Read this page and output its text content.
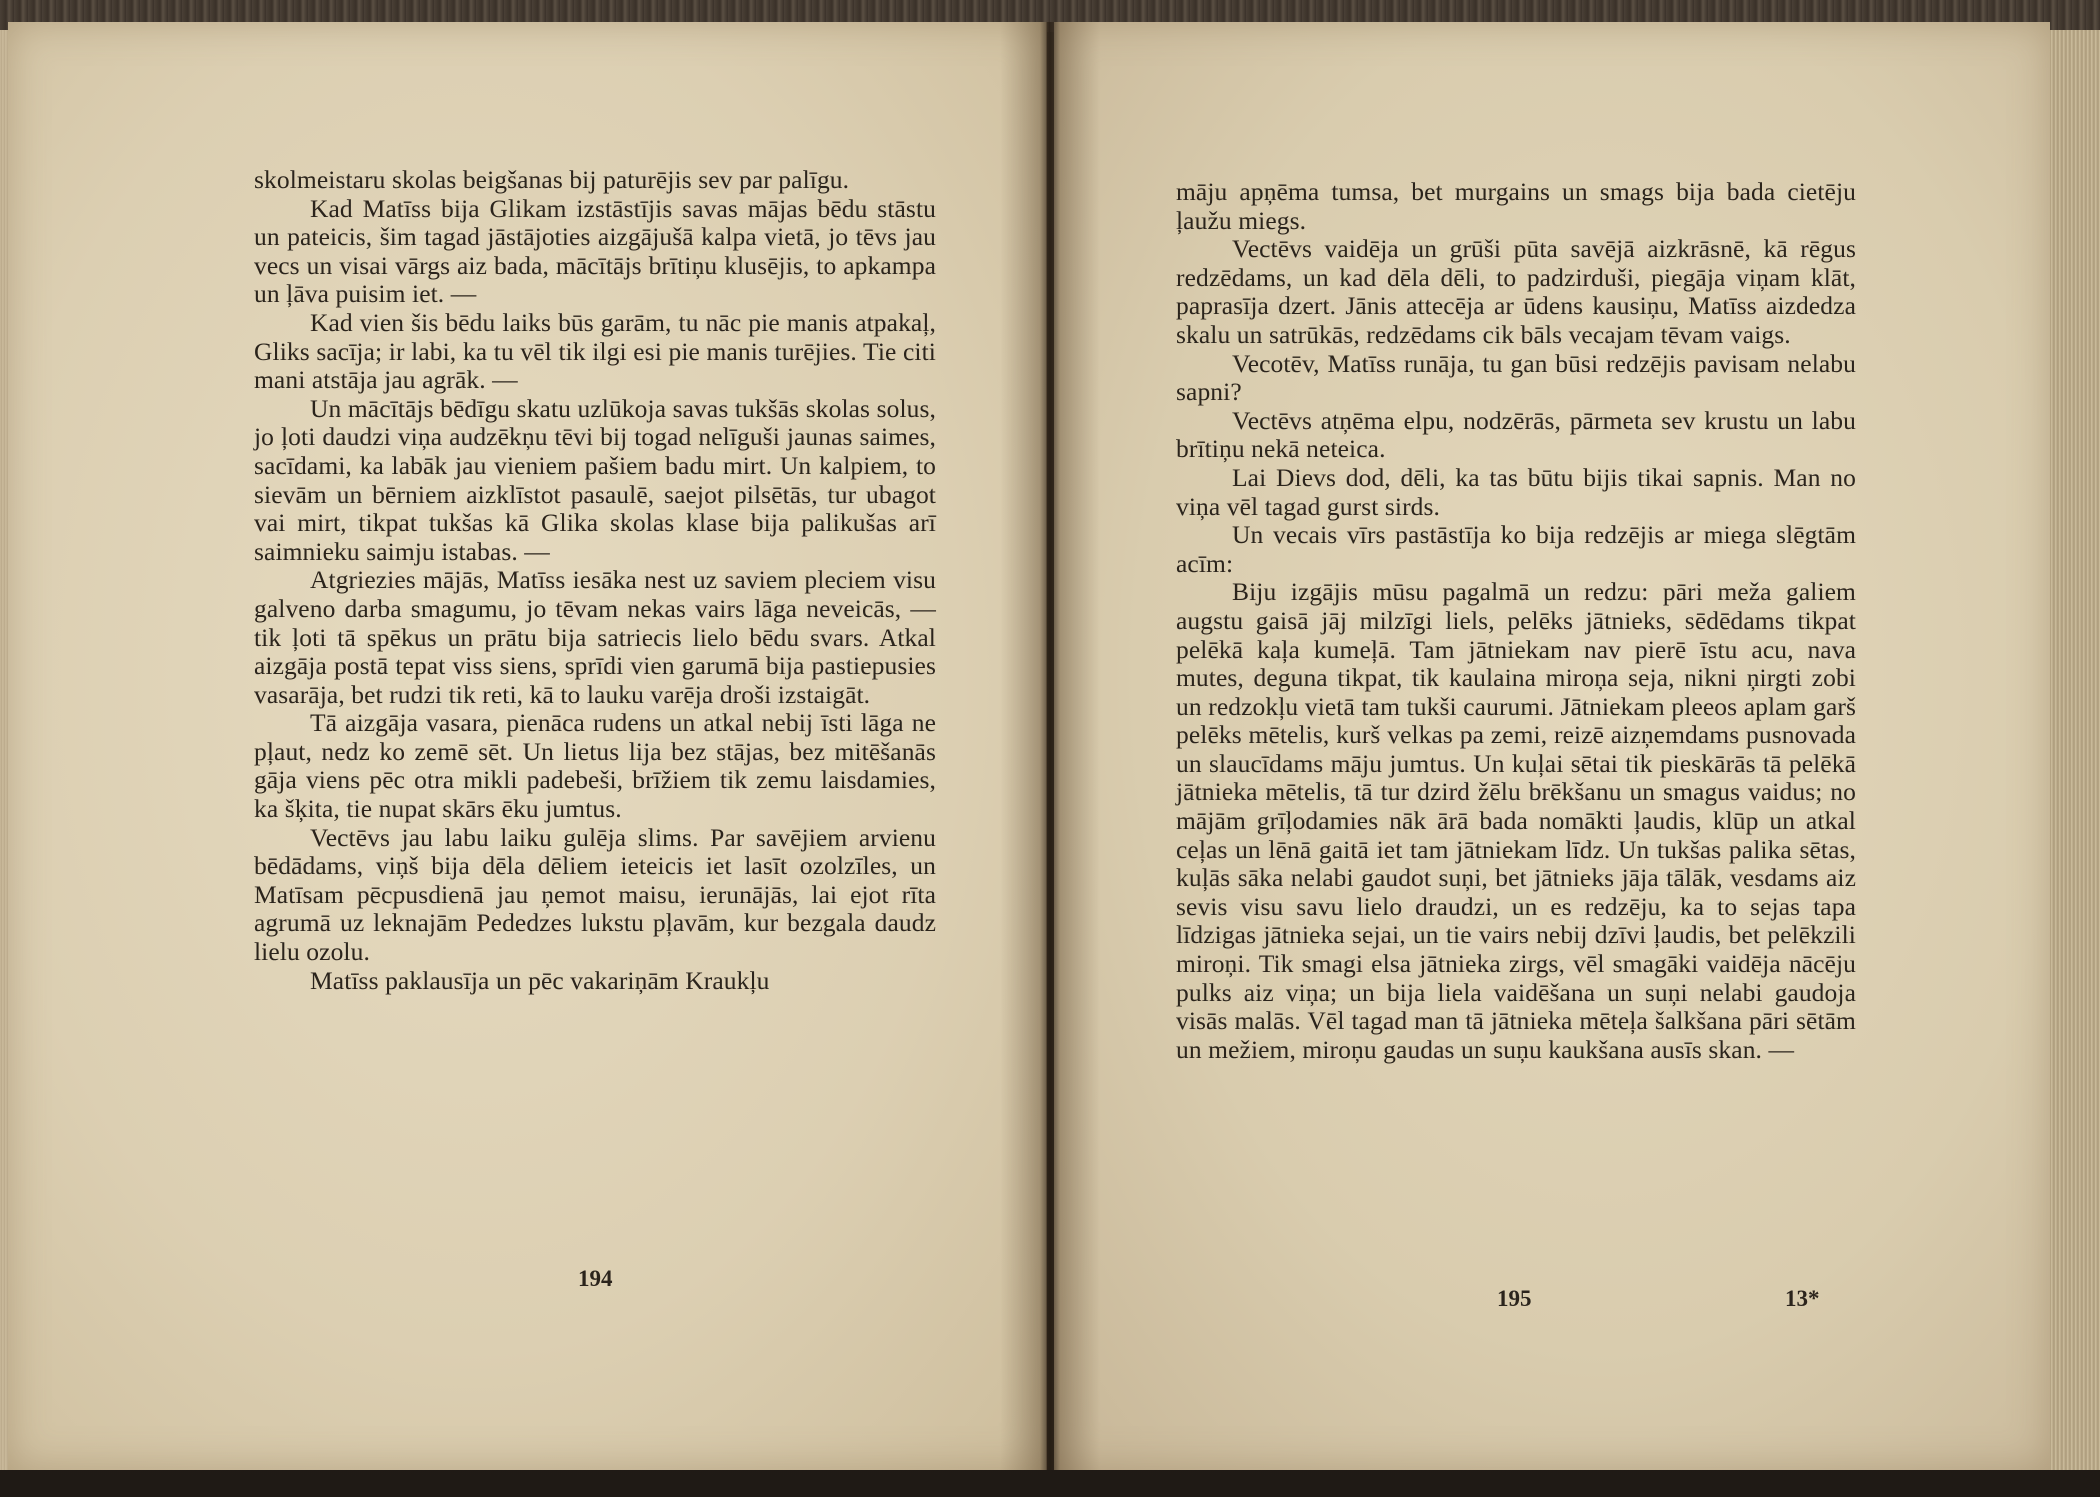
skolmeistaru skolas beigšanas bij paturējis sev par palīgu.

Kad Matīss bija Glikam izstāstījis savas mājas bēdu stāstu un pateicis, šim tagad jāstājoties aizgājušā kalpa vietā, jo tēvs jau vecs un visai vārgs aiz bada, mācītājs brītiņu klusējis, to apkampa un ļāva puisim iet. —

Kad vien šis bēdu laiks būs garām, tu nāc pie manis atpakaļ, Gliks sacīja; ir labi, ka tu vēl tik ilgi esi pie manis turējies. Tie citi mani atstāja jau agrāk. —

Un mācītājs bēdīgu skatu uzlūkoja savas tukšās skolas solus, jo ļoti daudzi viņa audzēkņu tēvi bij togad nelīguši jaunas saimes, sacīdami, ka labāk jau vieniem pašiem badu mirt. Un kalpiem, to sievām un bērniem aizklīstot pasaulē, saejot pilsētās, tur ubagot vai mirt, tikpat tukšas kā Glika skolas klase bija palikušas arī saimnieku saimju istabas. —

Atgriezies mājās, Matīss iesāka nest uz saviem pleciem visu galveno darba smagumu, jo tēvam nekas vairs lāga neveicās, — tik ļoti tā spēkus un prātu bija satriecis lielo bēdu svars. Atkal aizgāja postā tepat viss siens, sprīdi vien garumā bija pastiepusies vasarāja, bet rudzi tik reti, kā to lauku varēja droši izstaigāt.

Tā aizgāja vasara, pienāca rudens un atkal nebij īsti lāga ne pļaut, nedz ko zemē sēt. Un lietus lija bez stājas, bez mitēšanās gāja viens pēc otra mikli padebeši, brīžiem tik zemu laisdamies, ka šķita, tie nupat skārs ēku jumtus.

Vectēvs jau labu laiku gulēja slims. Par savējiem arvienu bēdādams, viņš bija dēla dēliem ieteicis iet lasīt ozolzīles, un Matīsam pēcpusdienā jau ņemot maisu, ierunājās, lai ejot rīta agrumā uz leknajām Pededzes lukstu pļavām, kur bezgala daudz lielu ozolu.

Matīss paklausīja un pēc vakariņām Kraukļu

194

māju apņēma tumsa, bet murgains un smags bija bada cietēju ļaužu miegs.

Vectēvs vaidēja un grūši pūta savējā aizkrāsnē, kā rēgus redzēdams, un kad dēla dēli, to padzirduši, piegāja viņam klāt, paprasīja dzert. Jānis attecēja ar ūdens kausiņu, Matīss aizdedza skalu un satrūkās, redzēdams cik bāls vecajam tēvam vaigs.

Vecotēv, Matīss runāja, tu gan būsi redzējis pavisam nelabu sapni?

Vectēvs atņēma elpu, nodzērās, pārmeta sev krustu un labu brītiņu nekā neteica.

Lai Dievs dod, dēli, ka tas būtu bijis tikai sapnis. Man no viņa vēl tagad gurst sirds.

Un vecais vīrs pastāstīja ko bija redzējis ar miega slēgtām acīm:

Biju izgājis mūsu pagalmā un redzu: pāri meža galiem augstu gaisā jāj milzīgi liels, pelēks jātnieks, sēdēdams tikpat pelēkā kaļa kumeļā. Tam jātniekam nav pierē īstu acu, nava mutes, deguna tikpat, tik kaulaina miroņa seja, nikni ņirgti zobi un redzokļu vietā tam tukši caurumi. Jātniekam pleeos aplam garš pelēks mētelis, kurš velkas pa zemi, reizē aizņemdams pusnovada un slaucīdams māju jumtus. Un kuļai sētai tik pieskārās tā pelēkā jātnieka mētelis, tā tur dzird žēlu brēkšanu un smagus vaidus; no mājām grīļodamies nāk ārā bada nomākti ļaudis, klūp un atkal ceļas un lēnā gaitā iet tam jātniekam līdz. Un tukšas palika sētas, kuļās sāka nelabi gaudot suņi, bet jātnieks jāja tālāk, vesdams aiz sevis visu savu lielo draudzi, un es redzēju, ka to sejas tapa līdzigas jātnieka sejai, un tie vairs nebij dzīvi ļaudis, bet pelēkzili miroņi. Tik smagi elsa jātnieka zirgs, vēl smagāki vaidēja nācēju pulks aiz viņa; un bija liela vaidēšana un suņi nelabi gaudoja visās malās. Vēl tagad man tā jātnieka mēteļa šalkšana pāri sētām un mežiem, miroņu gaudas un suņu kaukšana ausīs skan. —

195	13*
